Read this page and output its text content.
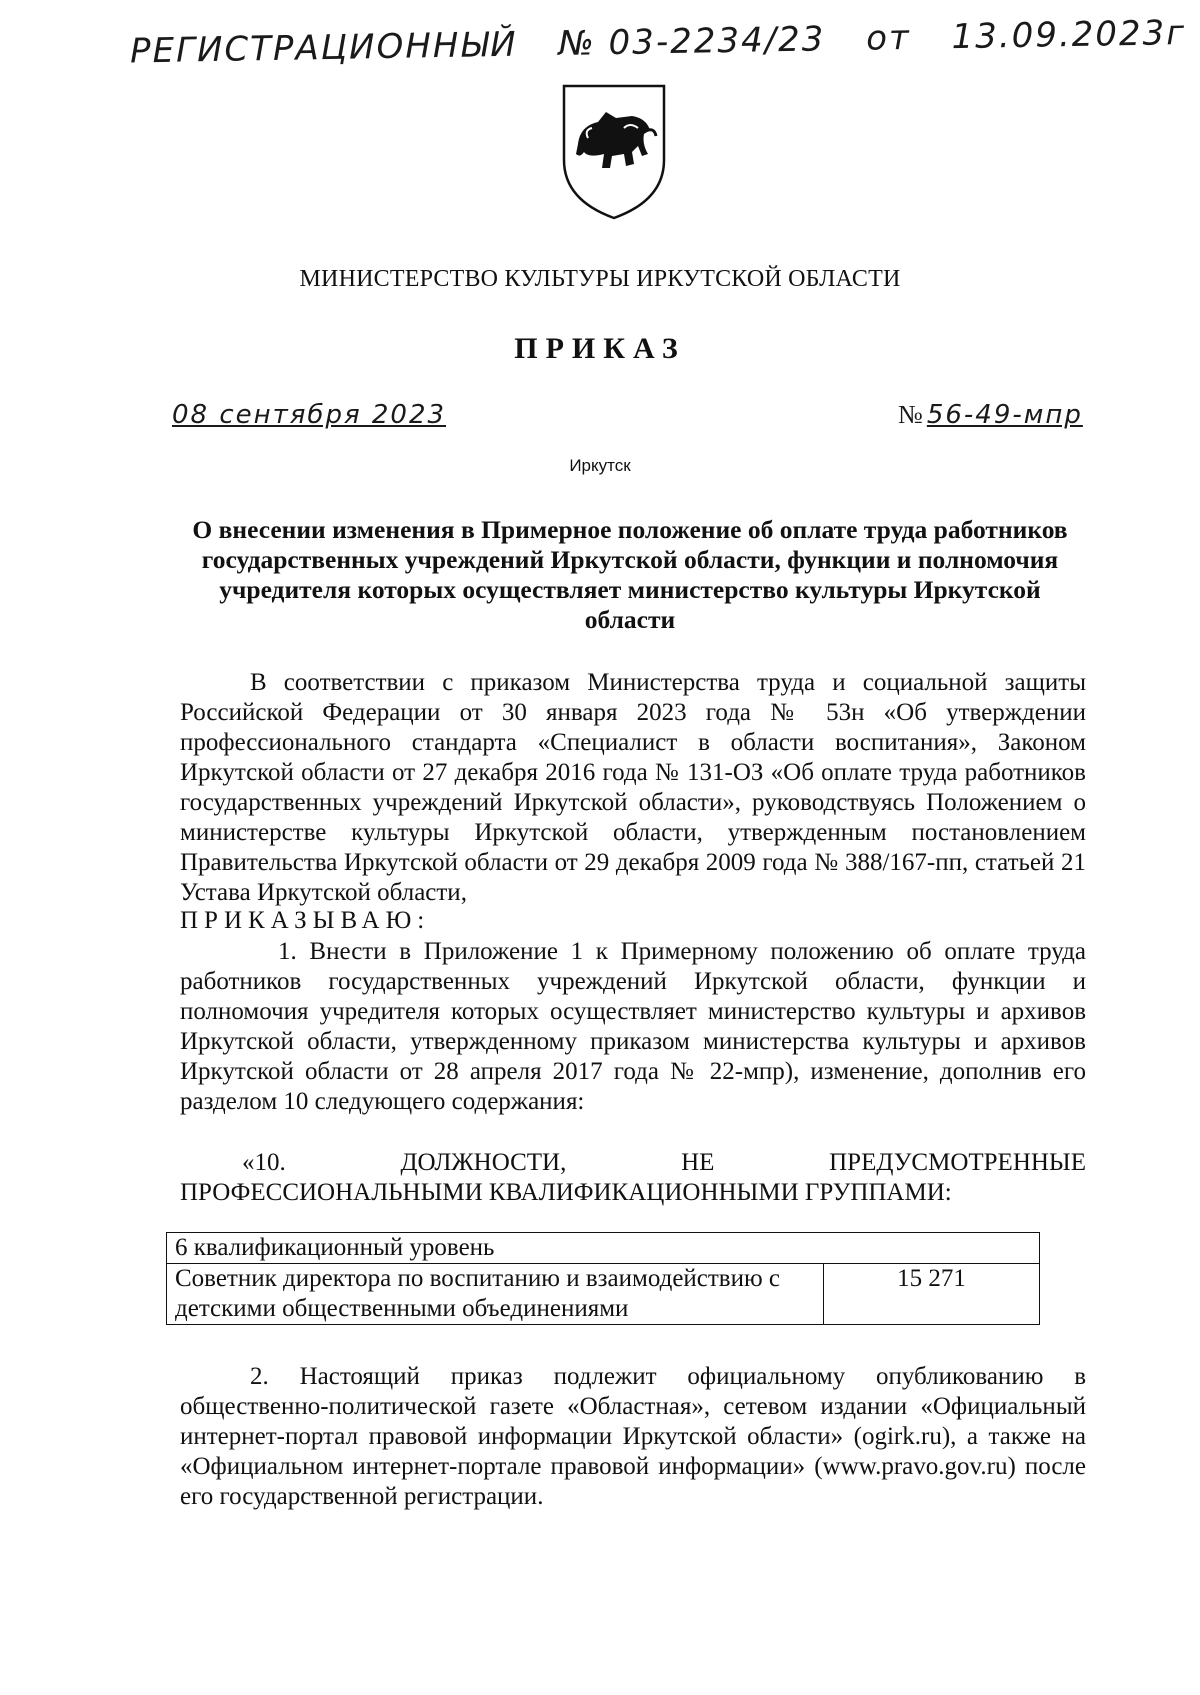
РЕГИСТРАЦИОННЫЙ № 03-2234/23 от 13.09.2023г
МИНИСТЕРСТВО КУЛЬТУРЫ ИРКУТСКОЙ ОБЛАСТИ
ПРИКАЗ
08 сентября 2023	№ 56-49-мпр
Иркутск
О внесении изменения в Примерное положение об оплате труда работников государственных учреждений Иркутской области, функции и полномочия учредителя которых осуществляет министерство культуры Иркутской области
В соответствии с приказом Министерства труда и социальной защиты Российской Федерации от 30 января 2023 года № 53н «Об утверждении профессионального стандарта «Специалист в области воспитания», Законом Иркутской области от 27 декабря 2016 года № 131-ОЗ «Об оплате труда работников государственных учреждений Иркутской области», руководствуясь Положением о министерстве культуры Иркутской области, утвержденным постановлением Правительства Иркутской области от 29 декабря 2009 года № 388/167-пп, статьей 21 Устава Иркутской области,
ПРИКАЗЫВАЮ:
1. Внести в Приложение 1 к Примерному положению об оплате труда работников государственных учреждений Иркутской области, функции и полномочия учредителя которых осуществляет министерство культуры и архивов Иркутской области, утвержденному приказом министерства культуры и архивов Иркутской области от 28 апреля 2017 года № 22-мпр), изменение, дополнив его разделом 10 следующего содержания:
«10.	ДОЛЖНОСТИ,	НЕ	ПРЕДУСМОТРЕННЫЕ
ПРОФЕССИОНАЛЬНЫМИ КВАЛИФИКАЦИОННЫМИ ГРУППАМИ:
6 квалификационный уровень
Советник директора по воспитанию и взаимодействию с детскими общественными объединениями	15 271
2. Настоящий приказ подлежит официальному опубликованию в общественно-политической газете «Областная», сетевом издании «Официальный интернет-портал правовой информации Иркутской области» (ogirk.ru), а также на «Официальном интернет-портале правовой информации» (www.pravo.gov.ru) после его государственной регистрации.
